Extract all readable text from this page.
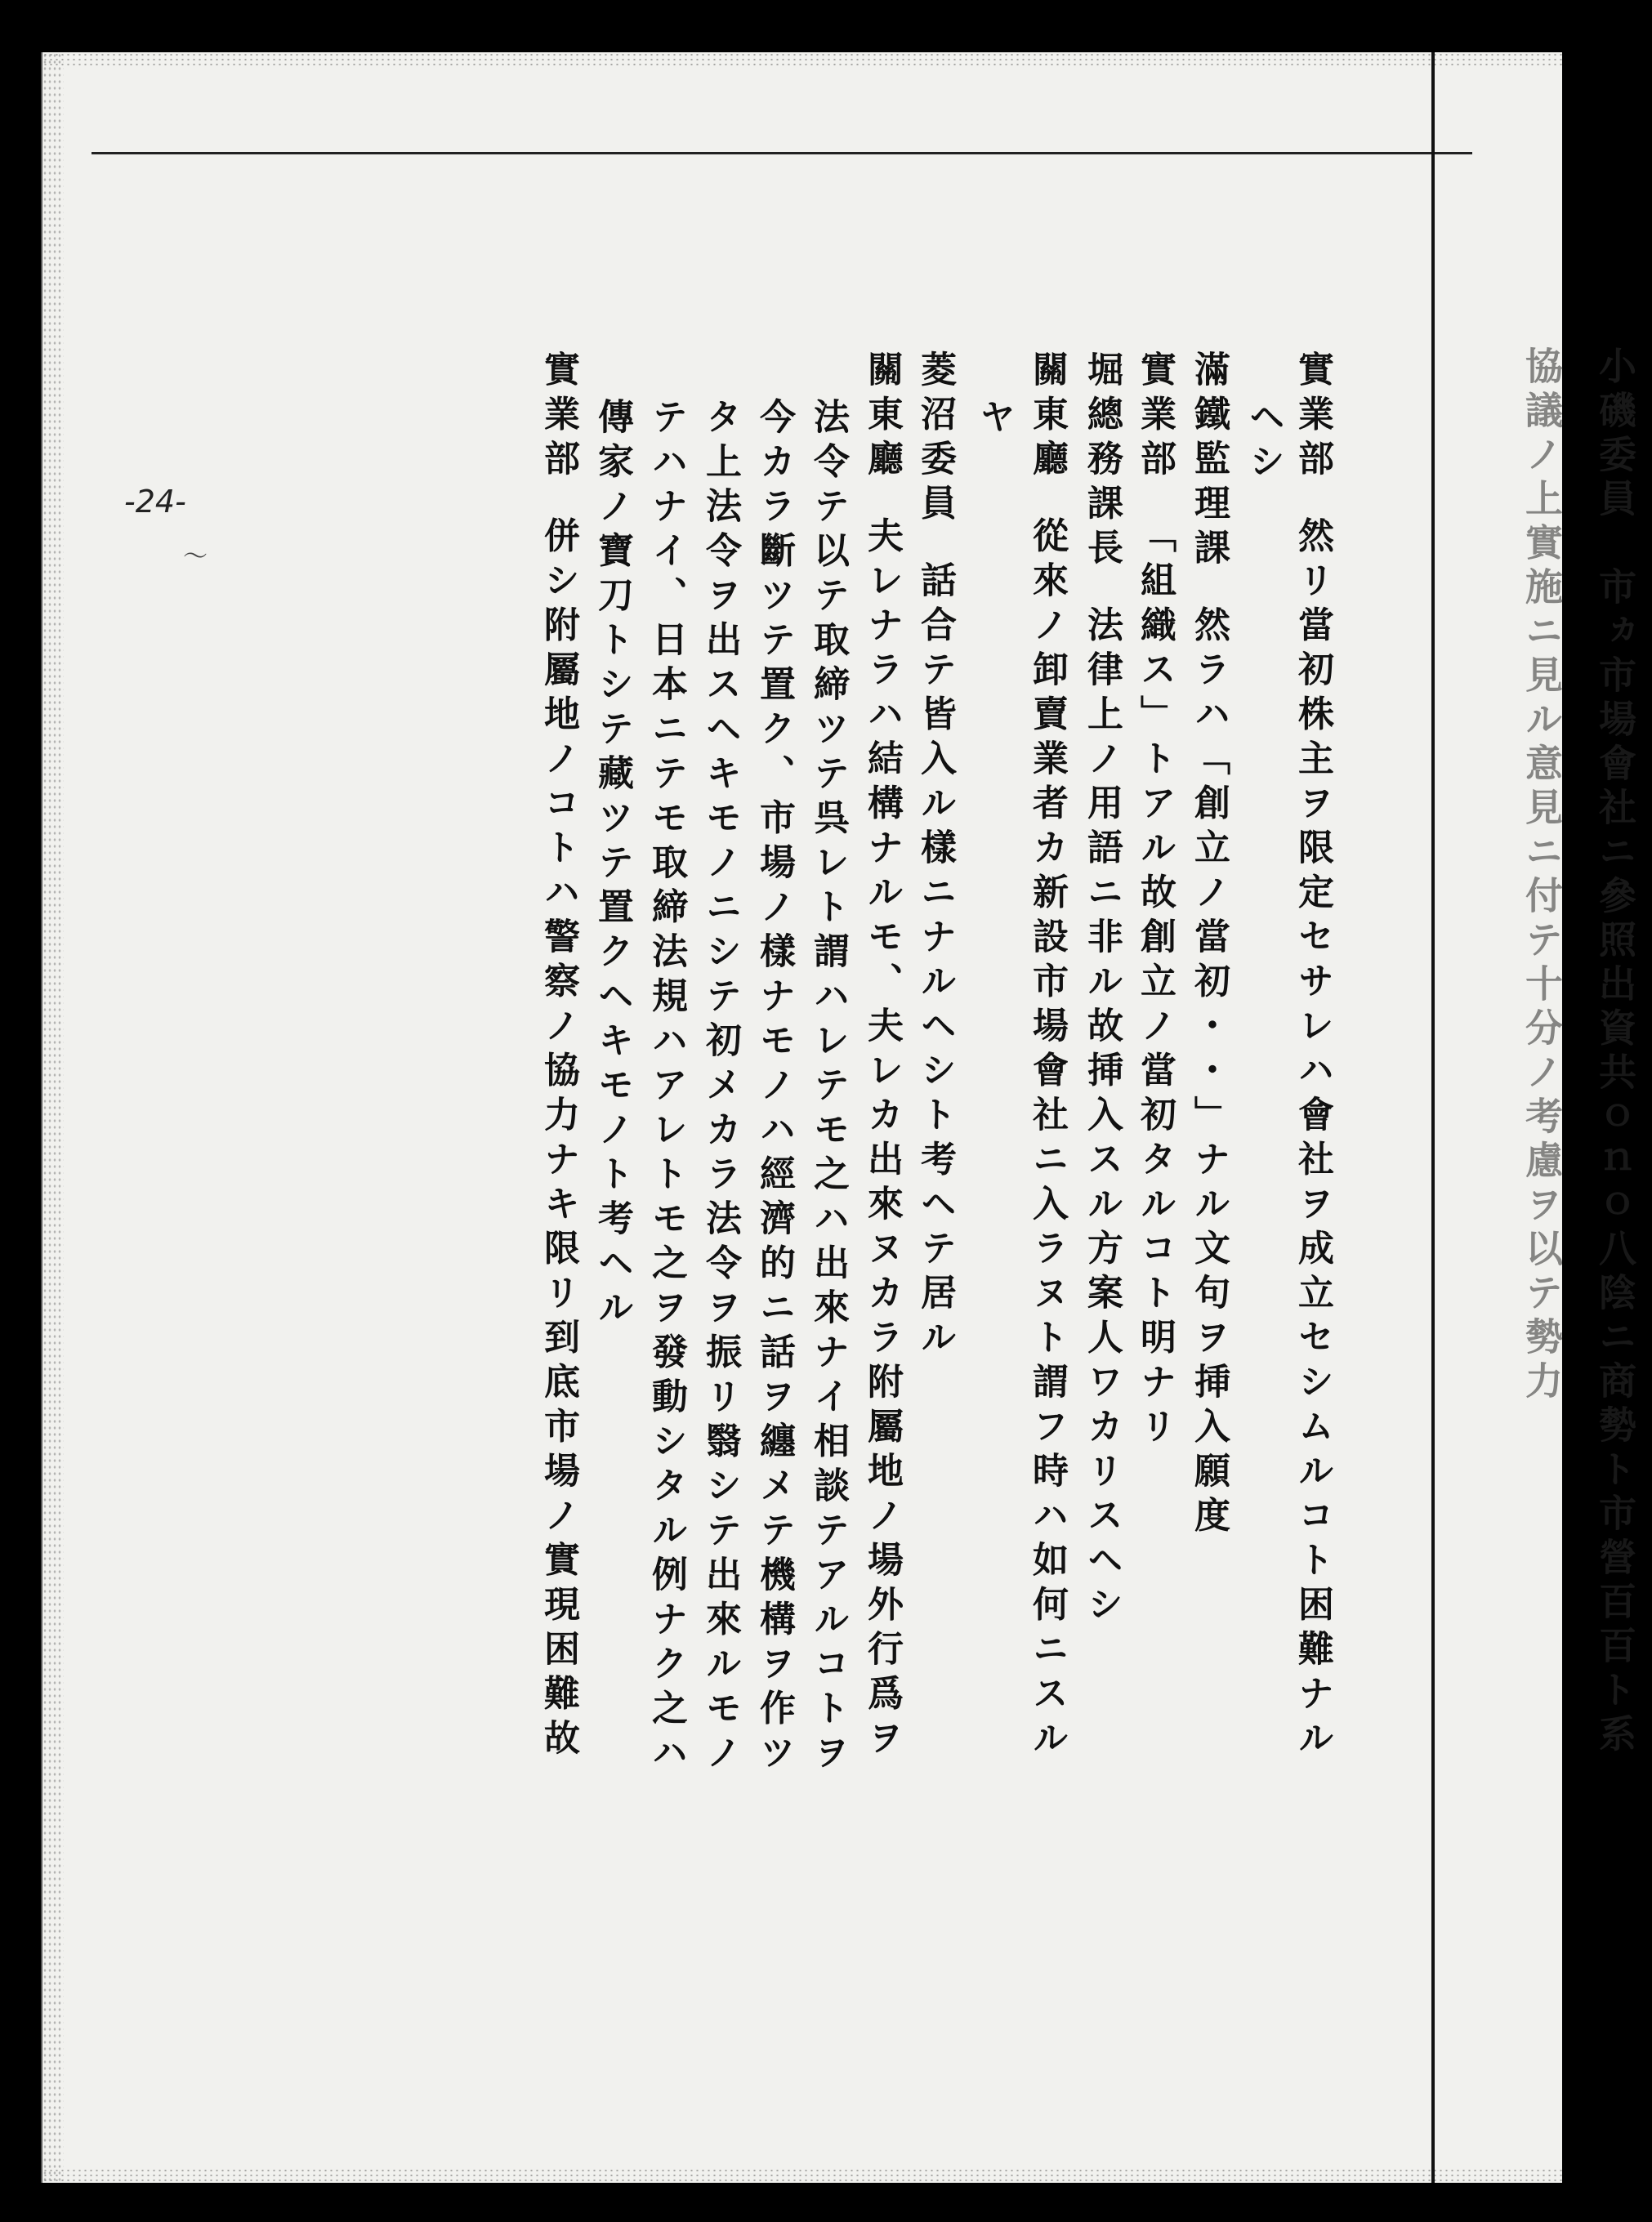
小磯委員　市ヵ市場會社ニ參照出資共ｏｎｏ八陰ニ商勢ト市營百百ト系
協議ノ上實施ニ見ル意見ニ付テ十分ノ考慮ヲ以テ勢力
-24-
〜
實業部然リ當初株主ヲ限定セサレハ會社ヲ成立セシムルコト困難ナル
ヘシ
滿鐵監理課然ラハ「創立ノ當初・・」ナル文句ヲ挿入願度
實業部「組織ス」トアル故創立ノ當初タルコト明ナリ
堀總務課長法律上ノ用語ニ非ル故挿入スル方案人ワカリスヘシ
關東廳從來ノ卸賣業者カ新設市場會社ニ入ラヌト謂フ時ハ如何ニスル
ヤ
菱沼委員話合テ皆入ル樣ニナルヘシト考ヘテ居ル
關東廳夫レナラハ結構ナルモ、夫レカ出來ヌカラ附屬地ノ場外行爲ヲ
法令テ以テ取締ツテ呉レト謂ハレテモ之ハ出來ナイ相談テアルコトヲ
今カラ斷ツテ置ク、市場ノ樣ナモノハ經濟的ニ話ヲ纏メテ機構ヲ作ツ
タ上法令ヲ出スヘキモノニシテ初メカラ法令ヲ振リ翳シテ出來ルモノ
テハナイ、日本ニテモ取締法規ハアレトモ之ヲ發動シタル例ナク之ハ
傳家ノ寶刀トシテ藏ツテ置クヘキモノト考ヘル
實業部併シ附屬地ノコトハ警察ノ協力ナキ限リ到底市場ノ實現困難故
